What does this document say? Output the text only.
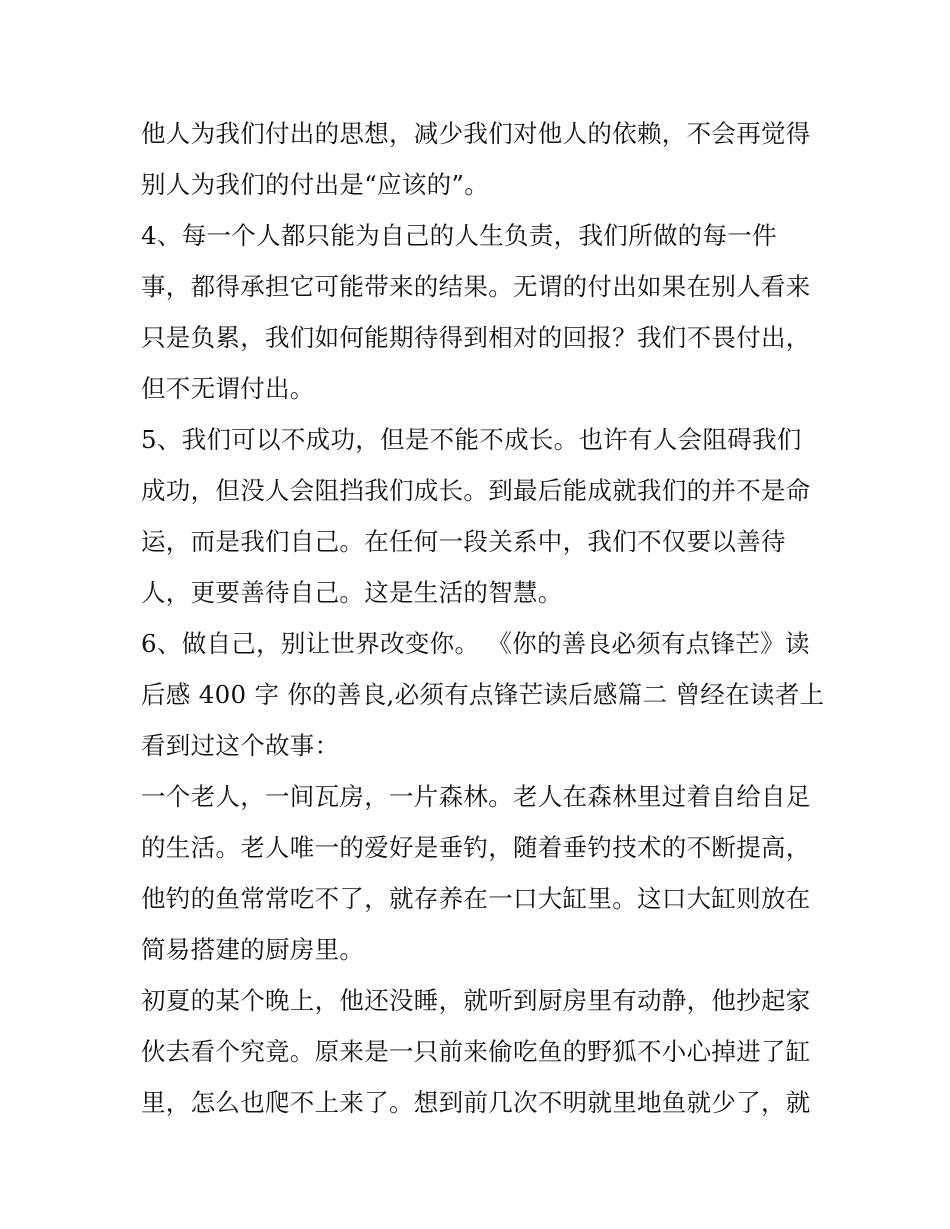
他人为我们付出的思想，减少我们对他人的依赖，不会再觉得
别人为我们的付出是“应该的”。
4、每一个人都只能为自己的人生负责，我们所做的每一件
事，都得承担它可能带来的结果。无谓的付出如果在别人看来
只是负累，我们如何能期待得到相对的回报？我们不畏付出，
但不无谓付出。
5、我们可以不成功，但是不能不成长。也许有人会阻碍我们
成功，但没人会阻挡我们成长。到最后能成就我们的并不是命
运，而是我们自己。在任何一段关系中，我们不仅要以善待
人，更要善待自己。这是生活的智慧。
6、做自己，别让世界改变你。 《你的善良必须有点锋芒》读
后感 400 字 你的善良,必须有点锋芒读后感篇二 曾经在读者上
看到过这个故事：
一个老人，一间瓦房，一片森林。老人在森林里过着自给自足
的生活。老人唯一的爱好是垂钓，随着垂钓技术的不断提高，
他钓的鱼常常吃不了，就存养在一口大缸里。这口大缸则放在
简易搭建的厨房里。
初夏的某个晚上，他还没睡，就听到厨房里有动静，他抄起家
伙去看个究竟。原来是一只前来偷吃鱼的野狐不小心掉进了缸
里，怎么也爬不上来了。想到前几次不明就里地鱼就少了，就
